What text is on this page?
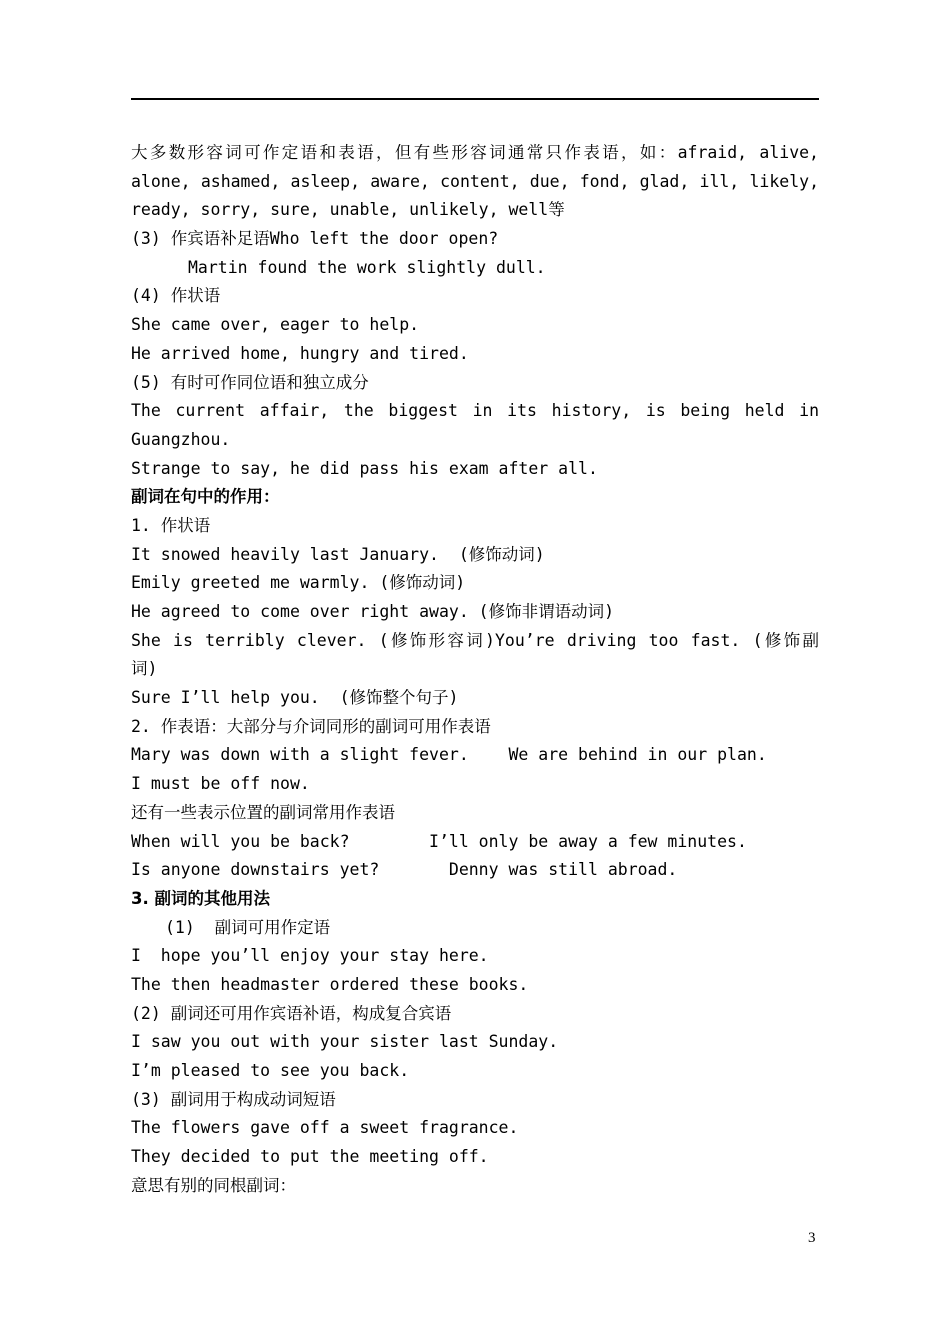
大多数形容词可作定语和表语，但有些形容词通常只作表语，如：afraid, alive,
alone, ashamed, asleep, aware, content, due, fond, glad, ill, likely,
ready, sorry, sure, unable, unlikely, well等
(3) 作宾语补足语Who left the door open?
Martin found the work slightly dull.
(4) 作状语
She came over, eager to help.
He arrived home, hungry and tired.
(5) 有时可作同位语和独立成分
The current affair, the biggest in its history, is being held in
Guangzhou.
Strange to say, he did pass his exam after all.
副词在句中的作用：
1. 作状语
It snowed heavily last January.  (修饰动词)
Emily greeted me warmly. (修饰动词)
He agreed to come over right away. (修饰非谓语动词)
She is terribly clever. (修饰形容词)You’re driving too fast. (修饰副
词)
Sure I’ll help you.  (修饰整个句子)
2. 作表语：大部分与介词同形的副词可用作表语
Mary was down with a slight fever.    We are behind in our plan.
I must be off now.
还有一些表示位置的副词常用作表语
When will you be back?        I’ll only be away a few minutes.
Is anyone downstairs yet?       Denny was still abroad.
3. 副词的其他用法
(1)  副词可用作定语
I  hope you’ll enjoy your stay here.
The then headmaster ordered these books.
(2) 副词还可用作宾语补语，构成复合宾语
I saw you out with your sister last Sunday.
I’m pleased to see you back.
(3) 副词用于构成动词短语
The flowers gave off a sweet fragrance.
They decided to put the meeting off.
意思有别的同根副词：
3
